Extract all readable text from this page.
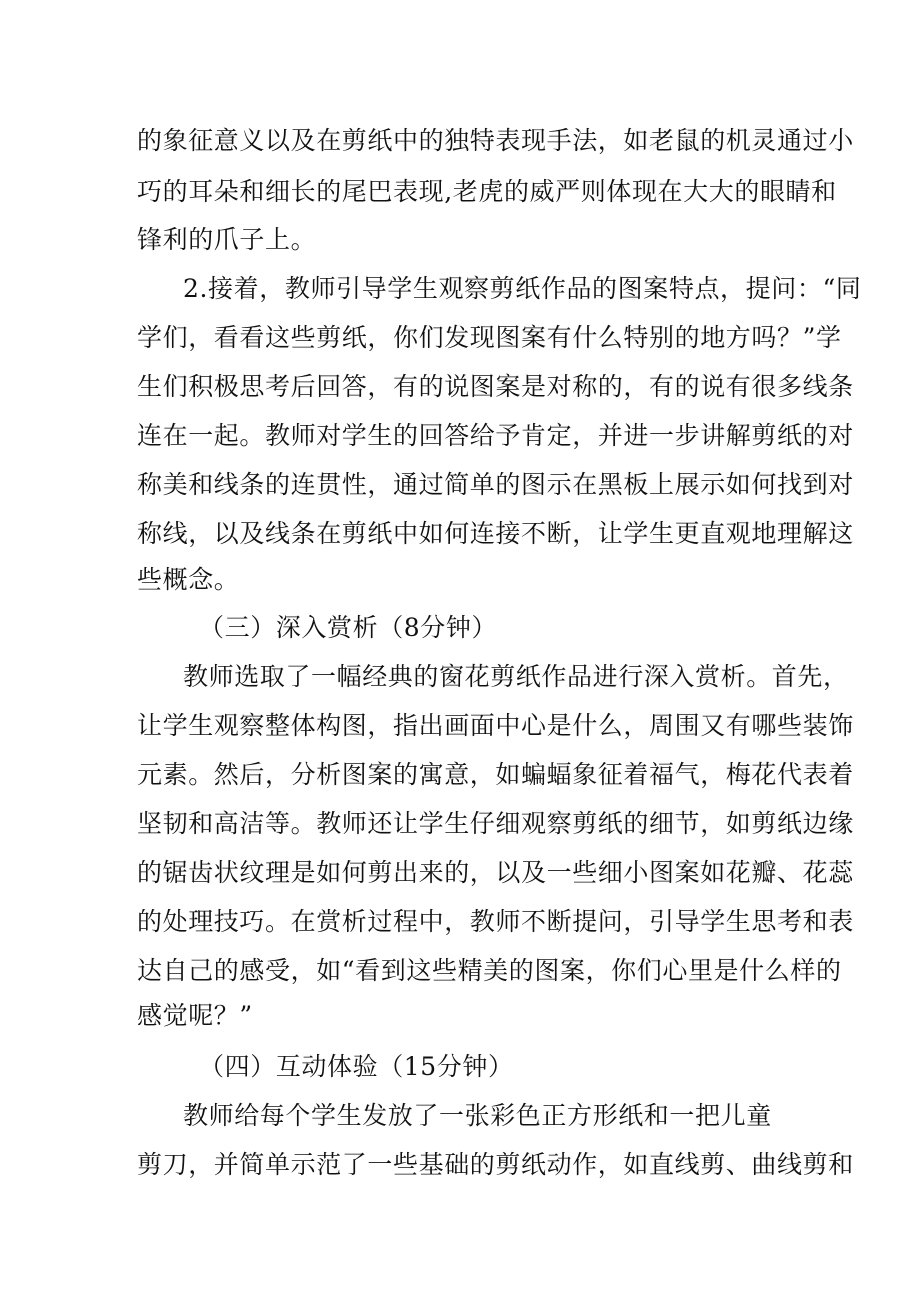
的象征意义以及在剪纸中的独特表现手法，如老鼠的机灵通过小
巧的耳朵和细长的尾巴表现,老虎的威严则体现在大大的眼睛和
锋利的爪子上。
2.接着，教师引导学生观察剪纸作品的图案特点，提问：“同
学们，看看这些剪纸，你们发现图案有什么特别的地方吗？”学
生们积极思考后回答，有的说图案是对称的，有的说有很多线条
连在一起。教师对学生的回答给予肯定，并进一步讲解剪纸的对
称美和线条的连贯性，通过简单的图示在黑板上展示如何找到对
称线，以及线条在剪纸中如何连接不断，让学生更直观地理解这
些概念。
（三）深入赏析（8分钟）
教师选取了一幅经典的窗花剪纸作品进行深入赏析。首先，
让学生观察整体构图，指出画面中心是什么，周围又有哪些装饰
元素。然后，分析图案的寓意，如蝙蝠象征着福气，梅花代表着
坚韧和高洁等。教师还让学生仔细观察剪纸的细节，如剪纸边缘
的锯齿状纹理是如何剪出来的，以及一些细小图案如花瓣、花蕊
的处理技巧。在赏析过程中，教师不断提问，引导学生思考和表
达自己的感受，如“看到这些精美的图案，你们心里是什么样的
感觉呢？”
（四）互动体验（15分钟）
教师给每个学生发放了一张彩色正方形纸和一把儿童
剪刀，并简单示范了一些基础的剪纸动作，如直线剪、曲线剪和
